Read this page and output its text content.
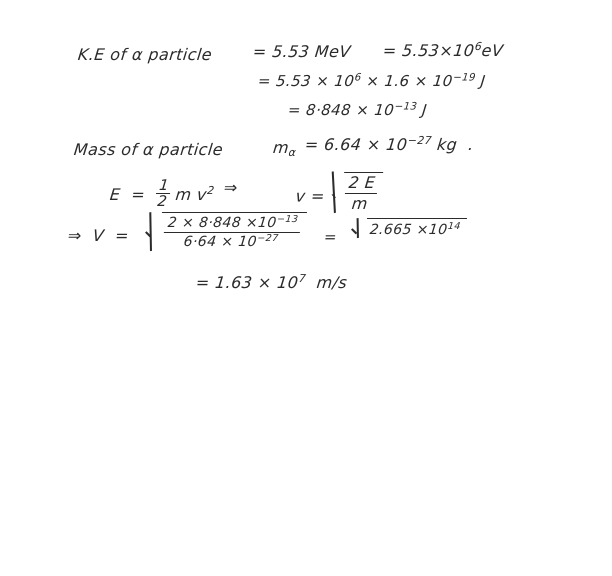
K.E of α particle = 5.53 MeV = $5.53\times 10^6eV$
= $5.53 \times 10^6 \times 1.6 \times 10^{-19}$ J
= $8\cdot 848 \times 10^{-13}$ J
Mass of α particle	$m_\alpha = 6.64 \times 10^{-27}$ kg .
$E = \frac{1}{2}$ m $v^2$ ⇒	$v = \frac{2 E}{m}$
⇒ $V = \frac{2 \times 8\cdot 848 \times 10^{-13}}{6\cdot 64 \times 10^{-27}}$ =	$2.665 \times 10^{14}$
= $1.63 \times 10^7$ m/s
